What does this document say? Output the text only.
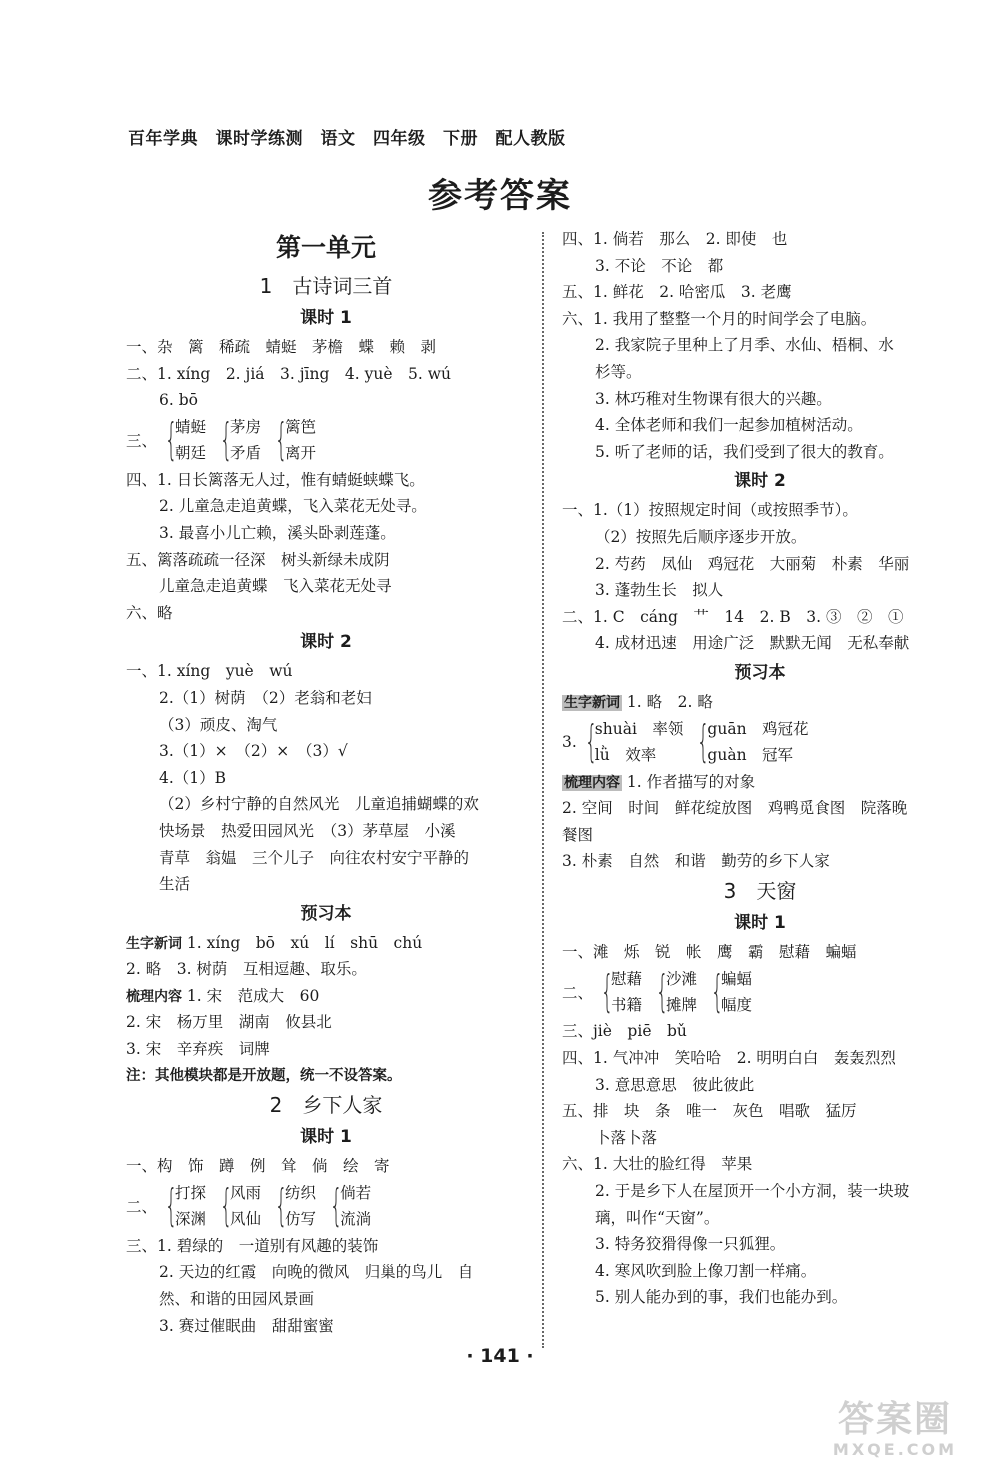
百年学典　课时学练测　语文　四年级　下册　配人教版
参考答案
第一单元
1　古诗词三首
课时 1
一、杂　篱　稀疏　蜻蜓　茅檐　蝶　赖　剥
二、1. xíng　2. jiá　3. jīng　4. yuè　5. wú
6. bō
三、 {
蜻蜓
朝廷 {
茅房
矛盾 {
篱笆
离开
四、1. 日长篱落无人过，惟有蜻蜓蛱蝶飞。
2. 儿童急走追黄蝶，飞入菜花无处寻。
3. 最喜小儿亡赖，溪头卧剥莲蓬。
五、篱落疏疏一径深　树头新绿未成阴
儿童急走追黄蝶　飞入菜花无处寻
六、略
课时 2
一、1. xíng　yuè　wú
2.（1）树荫　（2）老翁和老妇
（3）顽皮、淘气
3.（1）×　（2）×　（3）√
4.（1）B
（2）乡村宁静的自然风光　儿童追捕蝴蝶的欢
快场景　热爱田园风光　（3）茅草屋　小溪
青草　翁媪　三个儿子　向往农村安宁平静的
生活
预习本
生字新词 1. xíng　bō　xú　lí　shū　chú
2. 略　3. 树荫　互相逗趣、取乐。
梳理内容 1. 宋　范成大　60
2. 宋　杨万里　湖南　攸县北
3. 宋　辛弃疾　词牌
注：其他模块都是开放题，统一不设答案。
2　乡下人家
课时 1
一、构　饰　蹲　例　耸　倘　绘　寄
二、 {
打探
深渊 {
风雨
风仙 {
纺织
仿写 {
倘若
流淌
三、1. 碧绿的　一道别有风趣的装饰
2. 天边的红霞　向晚的微风　归巢的鸟儿　自
然、和谐的田园风景画
3. 赛过催眠曲　甜甜蜜蜜
四、1. 倘若　那么　2. 即使　也
3. 不论　不论　都
五、1. 鲜花　2. 哈密瓜　3. 老鹰
六、1. 我用了整整一个月的时间学会了电脑。
2. 我家院子里种上了月季、水仙、梧桐、水
杉等。
3. 林巧稚对生物课有很大的兴趣。
4. 全体老师和我们一起参加植树活动。
5. 听了老师的话，我们受到了很大的教育。
课时 2
一、1.（1）按照规定时间（或按照季节）。
（2）按照先后顺序逐步开放。
2. 芍药　凤仙　鸡冠花　大丽菊　朴素　华丽
3. 蓬勃生长　拟人
二、1. C　cáng　艹　14　2. B　3. ③　②　①
4. 成材迅速　用途广泛　默默无闻　无私奉献
预习本
生字新词 1. 略　2. 略
3. {
shuài　率领
lǜ　效率 {
guān　鸡冠花
guàn　冠军
梳理内容 1. 作者描写的对象
2. 空间　时间　鲜花绽放图　鸡鸭觅食图　院落晚
餐图
3. 朴素　自然　和谐　勤劳的乡下人家
3　天窗
课时 1
一、滩　烁　锐　帐　鹰　霸　慰藉　蝙蝠
二、 {
慰藉
书籍 {
沙滩
摊牌 {
蝙蝠
幅度
三、jiè　piē　bǔ
四、1. 气冲冲　笑哈哈　2. 明明白白　轰轰烈烈
3. 意思意思　彼此彼此
五、排　块　条　唯一　灰色　唱歌　猛厉
卜落卜落
六、1. 大壮的脸红得　苹果
2. 于是乡下人在屋顶开一个小方洞，装一块玻
璃，叫作“天窗”。
3. 特务狡猾得像一只狐狸。
4. 寒风吹到脸上像刀割一样痛。
5. 别人能办到的事，我们也能办到。
· 141 ·
答案圈
MXQE.COM
